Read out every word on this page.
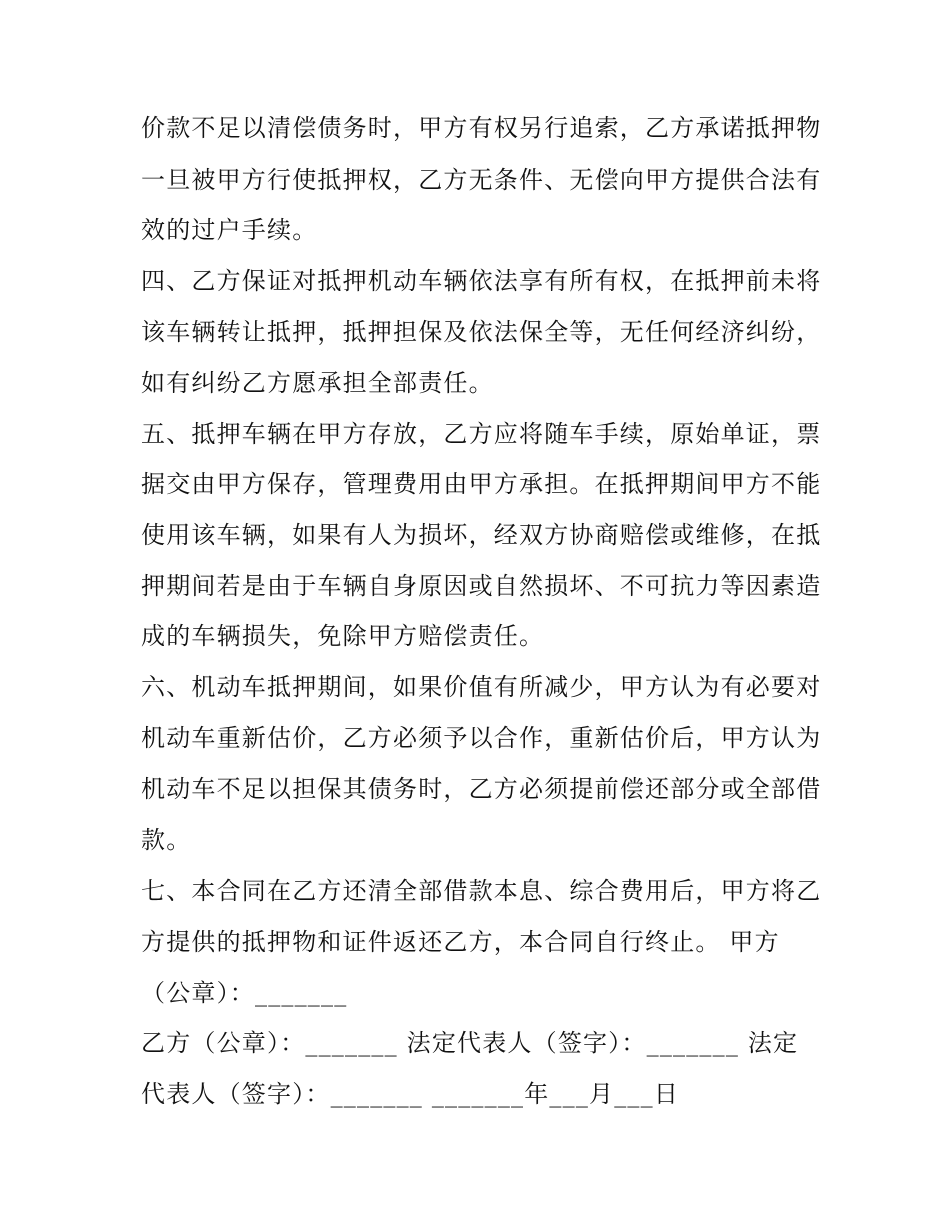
价款不足以清偿债务时，甲方有权另行追索，乙方承诺抵押物
一旦被甲方行使抵押权，乙方无条件、无偿向甲方提供合法有
效的过户手续。
四、乙方保证对抵押机动车辆依法享有所有权，在抵押前未将
该车辆转让抵押，抵押担保及依法保全等，无任何经济纠纷，
如有纠纷乙方愿承担全部责任。
五、抵押车辆在甲方存放，乙方应将随车手续，原始单证，票
据交由甲方保存，管理费用由甲方承担。在抵押期间甲方不能
使用该车辆，如果有人为损坏，经双方协商赔偿或维修，在抵
押期间若是由于车辆自身原因或自然损坏、不可抗力等因素造
成的车辆损失，免除甲方赔偿责任。
六、机动车抵押期间，如果价值有所减少，甲方认为有必要对
机动车重新估价，乙方必须予以合作，重新估价后，甲方认为
机动车不足以担保其债务时，乙方必须提前偿还部分或全部借
款。
七、本合同在乙方还清全部借款本息、综合费用后，甲方将乙
方提供的抵押物和证件返还乙方，本合同自行终止。 甲方
（公章）：_______
乙方（公章）：_______ 法定代表人（签字）：_______ 法定
代表人（签字）：_______ _______年___月___日
